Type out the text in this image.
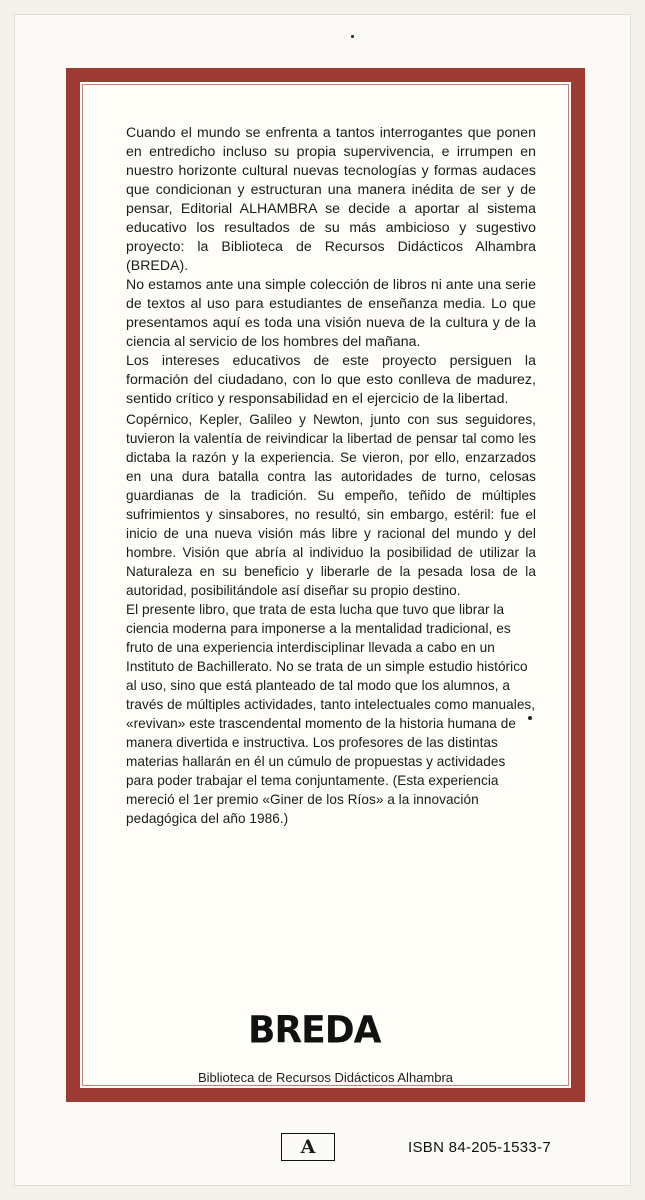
Cuando el mundo se enfrenta a tantos interrogantes que ponen en entredicho incluso su propia supervivencia, e irrumpen en nuestro horizonte cultural nuevas tecnologías y formas audaces que condicionan y estructuran una manera inédita de ser y de pensar, Editorial ALHAMBRA se decide a aportar al sistema educativo los resultados de su más ambicioso y sugestivo proyecto: la Biblioteca de Recursos Didácticos Alhambra (BREDA).

No estamos ante una simple colección de libros ni ante una serie de textos al uso para estudiantes de enseñanza media. Lo que presentamos aquí es toda una visión nueva de la cultura y de la ciencia al servicio de los hombres del mañana.

Los intereses educativos de este proyecto persiguen la formación del ciudadano, con lo que esto conlleva de madurez, sentido crítico y responsabilidad en el ejercicio de la libertad.

Copérnico, Kepler, Galileo y Newton, junto con sus seguidores, tuvieron la valentía de reivindicar la libertad de pensar tal como les dictaba la razón y la experiencia. Se vieron, por ello, enzarzados en una dura batalla contra las autoridades de turno, celosas guardianas de la tradición. Su empeño, teñido de múltiples sufrimientos y sinsabores, no resultó, sin embargo, estéril: fue el inicio de una nueva visión más libre y racional del mundo y del hombre. Visión que abría al individuo la posibilidad de utilizar la Naturaleza en su beneficio y liberarle de la pesada losa de la autoridad, posibilitándole así diseñar su propio destino.

El presente libro, que trata de esta lucha que tuvo que librar la ciencia moderna para imponerse a la mentalidad tradicional, es fruto de una experiencia interdisciplinar llevada a cabo en un Instituto de Bachillerato. No se trata de un simple estudio histórico al uso, sino que está planteado de tal modo que los alumnos, a través de múltiples actividades, tanto intelectuales como manuales, «revivan» este trascendental momento de la historia humana de manera divertida e instructiva. Los profesores de las distintas materias hallarán en él un cúmulo de propuestas y actividades para poder trabajar el tema conjuntamente. (Esta experiencia mereció el 1er premio «Giner de los Ríos» a la innovación pedagógica del año 1986.)

BREDA
Biblioteca de Recursos Didácticos Alhambra
A	ISBN 84-205-1533-7
